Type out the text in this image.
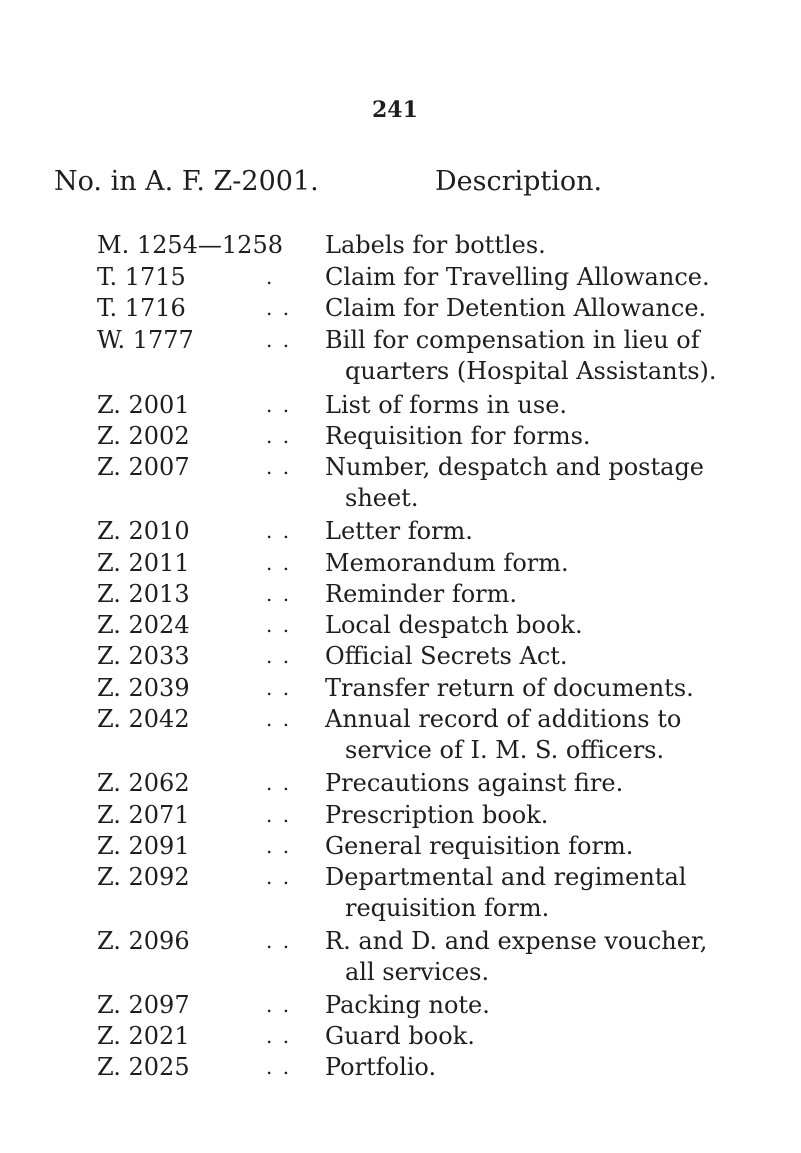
241
No. in A. F. Z-2001.	Description.
M. 1254—1258 Labels for bottles.
T. 1715	. Claim for Travelling Allowance.
T. 1716	. . Claim for Detention Allowance.
W. 1777	. . Bill for compensation in lieu of
quarters (Hospital Assistants).
Z. 2001	. . List of forms in use.
Z. 2002	. . Requisition for forms.
Z. 2007	. . Number, despatch and postage
sheet.
Z. 2010	. . Letter form.
Z. 2011	. . Memorandum form.
Z. 2013	. . Reminder form.
Z. 2024	. . Local despatch book.
Z. 2033	. . Official Secrets Act.
Z. 2039	. . Transfer return of documents.
Z. 2042	. . Annual record of additions to
service of I. M. S. officers.
Z. 2062	. . Precautions against fire.
Z. 2071	. . Prescription book.
Z. 2091	. . General requisition form.
Z. 2092	. . Departmental and regimental
requisition form.
Z. 2096	. . R. and D. and expense voucher,
all services.
Z. 2097	. . Packing note.
Z. 2021	. . Guard book.
Z. 2025	. . Portfolio.
